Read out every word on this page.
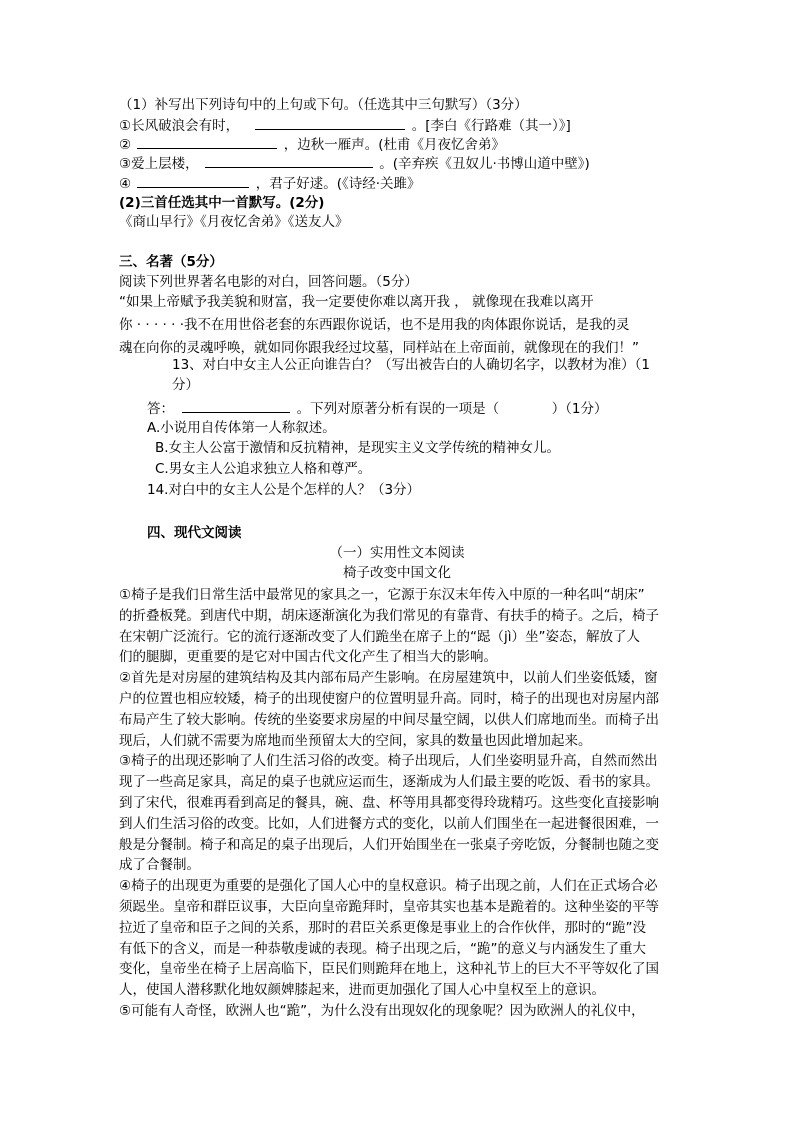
（1）补写出下列诗句中的上句或下句。（任选其中三句默写）（3分）
①长风破浪会有时，	。[李白《行路难（其一）》]
②	，边秋一雁声。(杜甫《月夜忆舍弟》
③爱上层楼，	。(辛弃疾《丑奴儿·书博山道中壁》)
④	，君子好逑。(《诗经·关雎》
(2)三首任选其中一首默写。(2分)
《商山早行》《月夜忆舍弟》《送友人》
三、名著（5分）
阅读下列世界著名电影的对白，回答问题。（5分）
“如果上帝赋予我美貌和财富，我一定要使你难以离开我 ， 就像现在我难以离开
你 · · · · · ·我不在用世俗老套的东西跟你说话，也不是用我的肉体跟你说话，是我的灵
魂在向你的灵魂呼唤，就如同你跟我经过坟墓，同样站在上帝面前，就像现在的我们！”
13、对白中女主人公正向谁告白？（写出被告白的人确切名字，以教材为准）（1
分）
答：	。下列对原著分析有误的一项是（	）（1分）
A.小说用自传体第一人称叙述。
B.女主人公富于激情和反抗精神，是现实主义文学传统的精神女儿。
C.男女主人公追求独立人格和尊严。
14.对白中的女主人公是个怎样的人？（3分）
四、现代文阅读
（一）实用性文本阅读
椅子改变中国文化
①椅子是我们日常生活中最常见的家具之一，它源于东汉末年传入中原的一种名叫“胡床”
的折叠板凳。到唐代中期，胡床逐渐演化为我们常见的有靠背、有扶手的椅子。之后，椅子
在宋朝广泛流行。它的流行逐渐改变了人们跪坐在席子上的“跽（jì）坐”姿态，解放了人
们的腿脚，更重要的是它对中国古代文化产生了相当大的影响。
②首先是对房屋的建筑结构及其内部布局产生影响。在房屋建筑中，以前人们坐姿低矮，窗
户的位置也相应较矮，椅子的出现使窗户的位置明显升高。同时，椅子的出现也对房屋内部
布局产生了较大影响。传统的坐姿要求房屋的中间尽量空阔，以供人们席地而坐。而椅子出
现后，人们就不需要为席地而坐预留太大的空间，家具的数量也因此增加起来。
③椅子的出现还影响了人们生活习俗的改变。椅子出现后，人们坐姿明显升高，自然而然出
现了一些高足家具，高足的桌子也就应运而生，逐渐成为人们最主要的吃饭、看书的家具。
到了宋代，很难再看到高足的餐具，碗、盘、杯等用具都变得玲珑精巧。这些变化直接影响
到人们生活习俗的改变。比如，人们进餐方式的变化，以前人们围坐在一起进餐很困难，一
般是分餐制。椅子和高足的桌子出现后，人们开始围坐在一张桌子旁吃饭，分餐制也随之变
成了合餐制。
④椅子的出现更为重要的是强化了国人心中的皇权意识。椅子出现之前，人们在正式场合必
须跽坐。皇帝和群臣议事，大臣向皇帝跪拜时，皇帝其实也基本是跪着的。这种坐姿的平等
拉近了皇帝和臣子之间的关系，那时的君臣关系更像是事业上的合作伙伴，那时的“跪”没
有低下的含义，而是一种恭敬虔诚的表现。椅子出现之后，“跪”的意义与内涵发生了重大
变化，皇帝坐在椅子上居高临下，臣民们则跪拜在地上，这种礼节上的巨大不平等奴化了国
人，使国人潜移默化地奴颜婢膝起来，进而更加强化了国人心中皇权至上的意识。
⑤可能有人奇怪，欧洲人也“跪”，为什么没有出现奴化的现象呢？因为欧洲人的礼仪中，
